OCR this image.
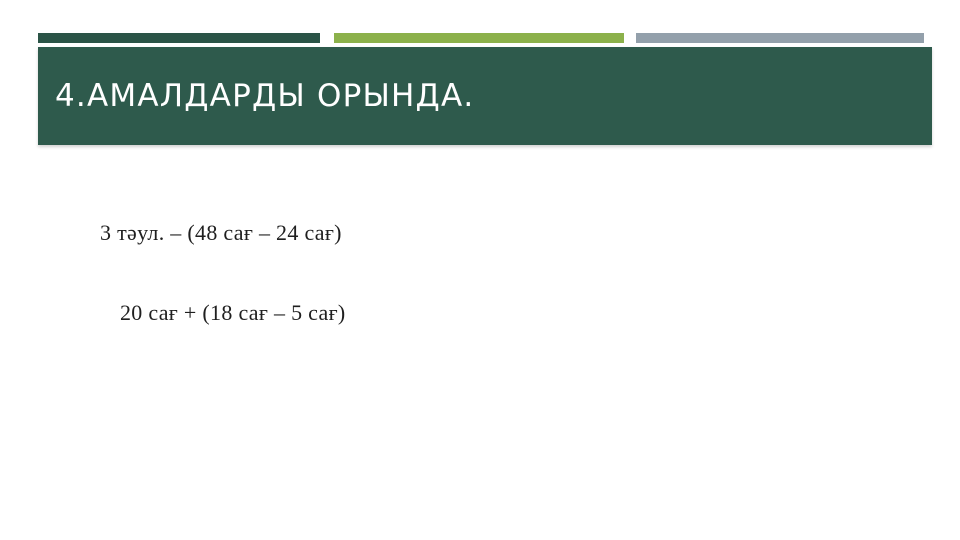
4.АМАЛДАРДЫ ОРЫНДА.
3 тәул. – (48 сағ – 24 сағ)
20 сағ + (18 сағ – 5 сағ)
